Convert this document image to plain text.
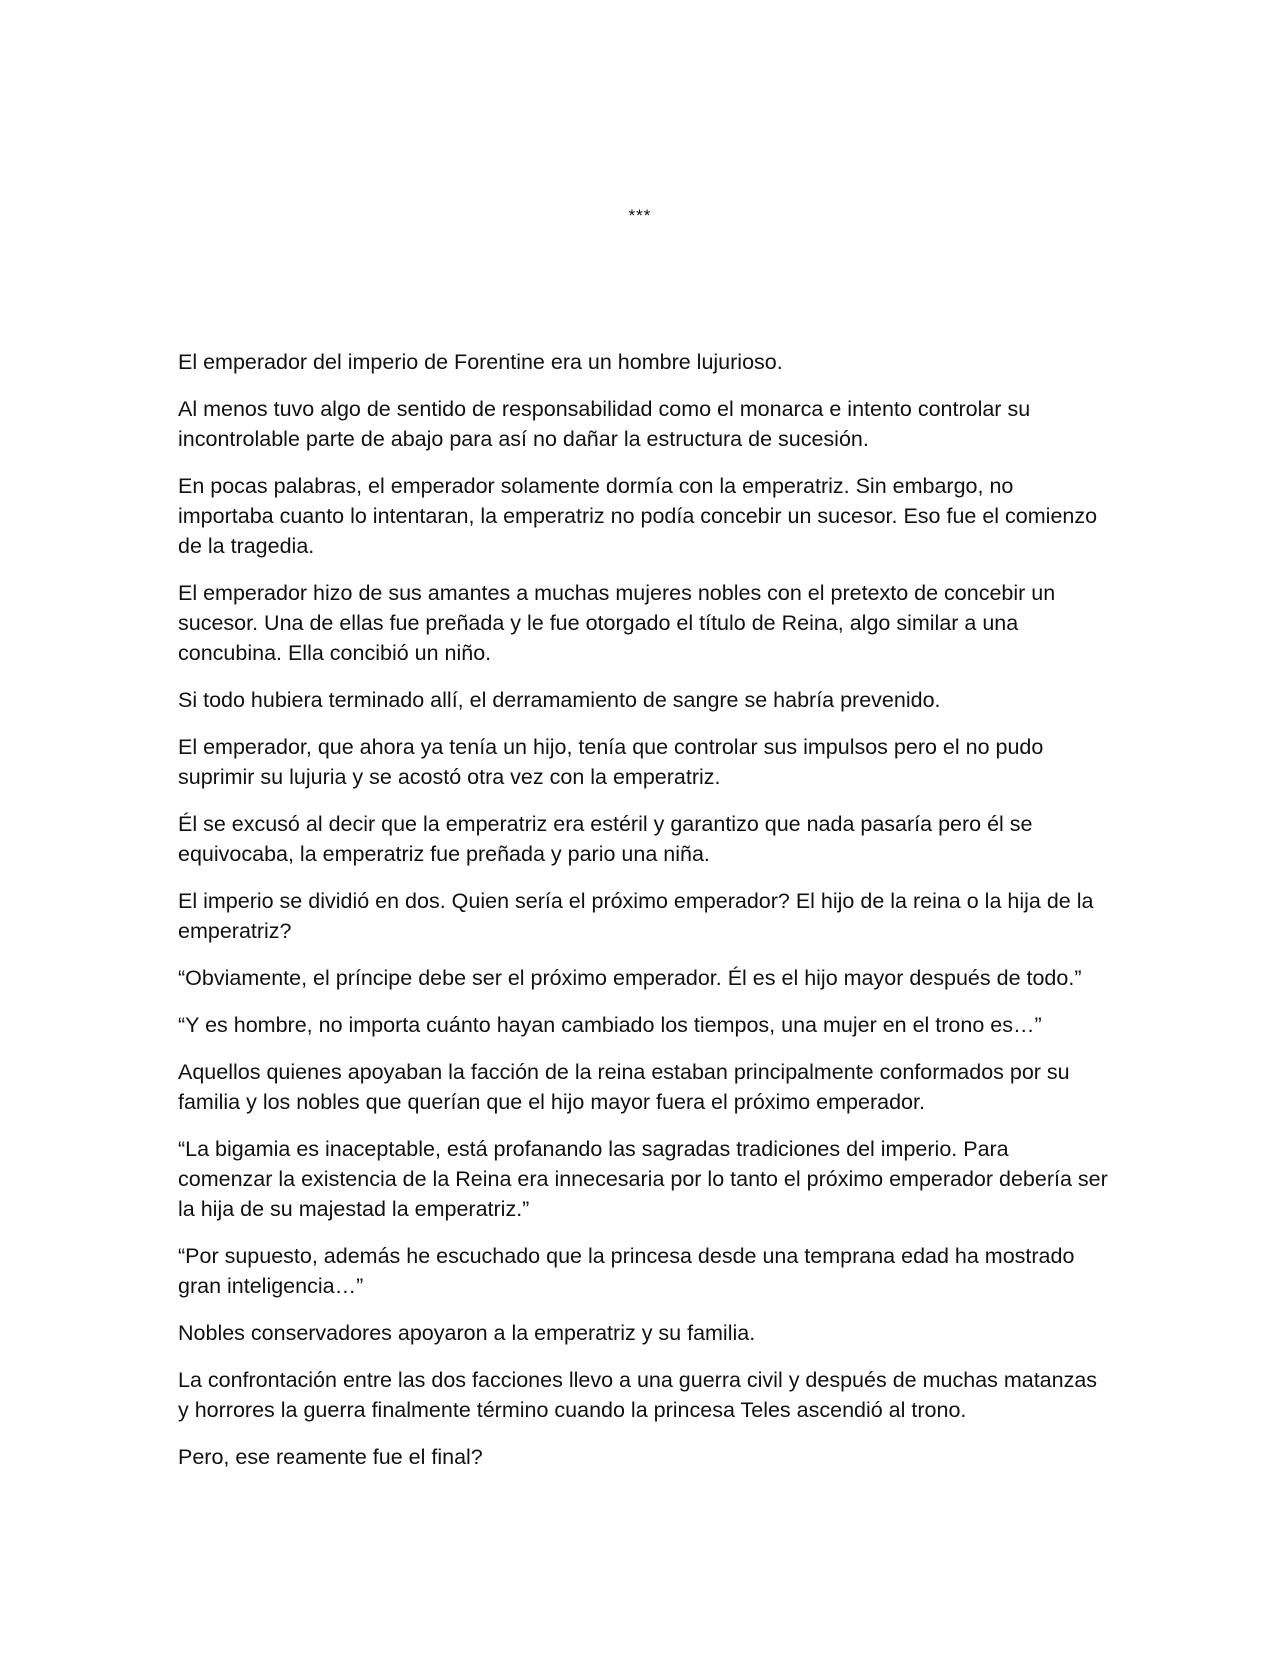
***

El emperador del imperio de Forentine era un hombre lujurioso.

Al menos tuvo algo de sentido de responsabilidad como el monarca e intento controlar su incontrolable parte de abajo para así no dañar la estructura de sucesión.

En pocas palabras, el emperador solamente dormía con la emperatriz. Sin embargo, no importaba cuanto lo intentaran, la emperatriz no podía concebir un sucesor. Eso fue el comienzo de la tragedia.

El emperador hizo de sus amantes a muchas mujeres nobles con el pretexto de concebir un sucesor. Una de ellas fue preñada y le fue otorgado el título de Reina, algo similar a una concubina. Ella concibió un niño.

Si todo hubiera terminado allí, el derramamiento de sangre se habría prevenido.

El emperador, que ahora ya tenía un hijo, tenía que controlar sus impulsos pero el no pudo suprimir su lujuria y se acostó otra vez con la emperatriz.

Él se excusó al decir que la emperatriz era estéril y garantizo que nada pasaría pero él se equivocaba, la emperatriz fue preñada y pario una niña.

El imperio se dividió en dos. Quien sería el próximo emperador? El hijo de la reina o la hija de la emperatriz?

“Obviamente, el príncipe debe ser el próximo emperador. Él es el hijo mayor después de todo.”

“Y es hombre, no importa cuánto hayan cambiado los tiempos, una mujer en el trono es…”

Aquellos quienes apoyaban la facción de la reina estaban principalmente conformados por su familia y los nobles que querían que el hijo mayor fuera el próximo emperador.

“La bigamia es inaceptable, está profanando las sagradas tradiciones del imperio. Para comenzar la existencia de la Reina era innecesaria por lo tanto el próximo emperador debería ser la hija de su majestad la emperatriz.”

“Por supuesto, además he escuchado que la princesa desde una temprana edad ha mostrado gran inteligencia…”

Nobles conservadores apoyaron a la emperatriz y su familia.

La confrontación entre las dos facciones llevo a una guerra civil y después de muchas matanzas y horrores la guerra finalmente término cuando la princesa Teles ascendió al trono.

Pero, ese reamente fue el final?
